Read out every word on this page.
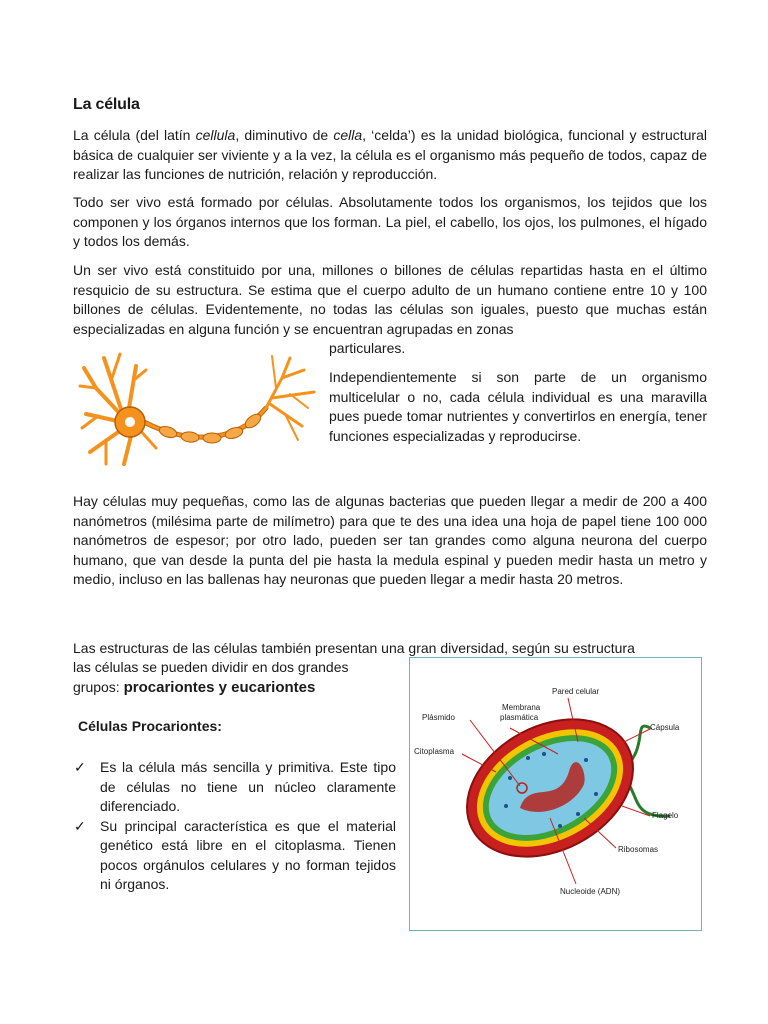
La célula

La célula (del latín cellula, diminutivo de cella, ‘celda’) es la unidad biológica, funcional y estructural básica de cualquier ser viviente y a la vez, la célula es el organismo más pequeño de todos, capaz de realizar las funciones de nutrición, relación y reproducción.

Todo ser vivo está formado por células. Absolutamente todos los organismos, los tejidos que los componen y los órganos internos que los forman. La piel, el cabello, los ojos, los pulmones, el hígado y todos los demás.

Un ser vivo está constituido por una, millones o billones de células repartidas hasta en el último resquicio de su estructura. Se estima que el cuerpo adulto de un humano contiene entre 10 y 100 billones de células. Evidentemente, no todas las células son iguales, puesto que muchas están especializadas en alguna función y se encuentran agrupadas en zonas

particulares.

Independientemente si son parte de un organismo multicelular o no, cada célula individual es una maravilla pues puede tomar nutrientes y convertirlos en energía, tener funciones especializadas y reproducirse.

Hay células muy pequeñas, como las de algunas bacterias que pueden llegar a medir de 200 a 400 nanómetros (milésima parte de milímetro) para que te des una idea una hoja de papel tiene 100 000 nanómetros de espesor; por otro lado, pueden ser tan grandes como alguna neurona del cuerpo humano, que van desde la punta del pie hasta la medula espinal y pueden medir hasta un metro y medio, incluso en las ballenas hay neuronas que pueden llegar a medir hasta 20 metros.

Las estructuras de las células también presentan una gran diversidad, según su estructura

las células se pueden dividir en dos grandes

grupos: procariontes y eucariontes

Células Procariontes:
✓	Es la célula más sencilla y primitiva. Este tipo de células no tiene un núcleo claramente diferenciado.
✓	Su principal característica es que el material genético está libre en el citoplasma. Tienen pocos orgánulos celulares y no forman tejidos ni órganos.
Pared celular
Membrana
plasmática
Plásmido
Cápsula
Citoplasma
Flagelo
Ribosomas
Nucleoide (ADN)
